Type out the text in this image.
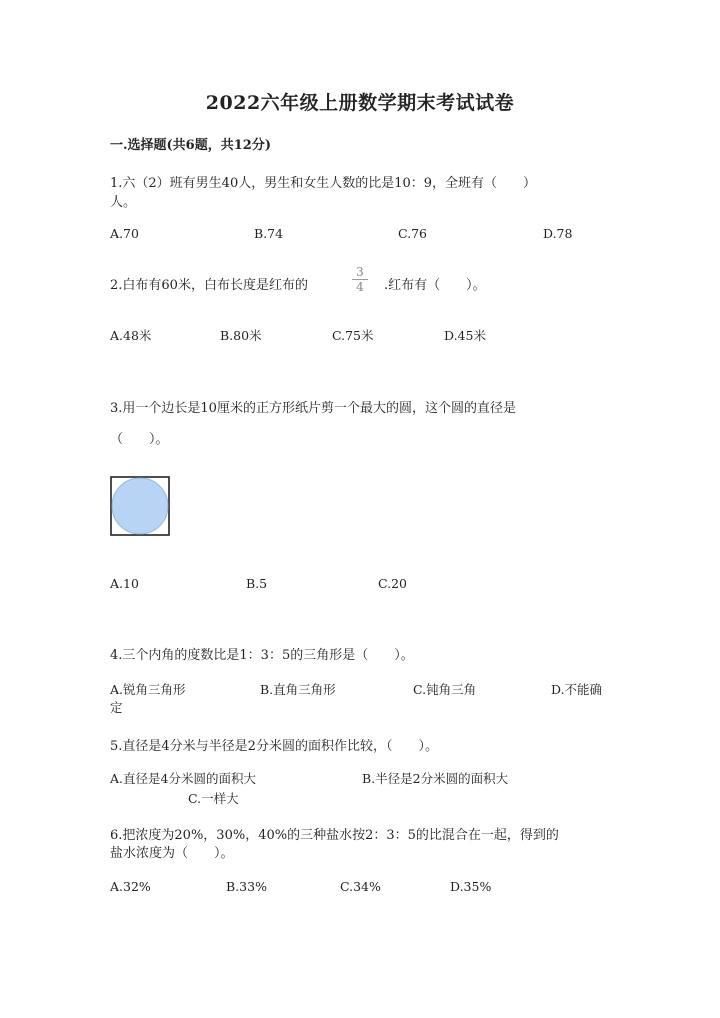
2022六年级上册数学期末考试试卷
一.选择题(共6题，共12分)
1.六（2）班有男生40人，男生和女生人数的比是10：9，全班有（　　）
人。
A.70	B.74	C.76	D.78
2.白布有60米，白布长度是红布的
3
4	.红布有（　　）。
A.48米	B.80米	C.75米	D.45米
3.用一个边长是10厘米的正方形纸片剪一个最大的圆，这个圆的直径是
（　　）。
A.10	B.5	C.20
4.三个内角的度数比是1：3：5的三角形是（　　）。
A.锐角三角形	B.直角三角形	C.钝角三角	D.不能确
定
5.直径是4分米与半径是2分米圆的面积作比较，（　　）。
A.直径是4分米圆的面积大	B.半径是2分米圆的面积大
C.一样大
6.把浓度为20%，30%，40%的三种盐水按2：3：5的比混合在一起，得到的
盐水浓度为（　　）。
A.32%	B.33%	C.34%	D.35%
